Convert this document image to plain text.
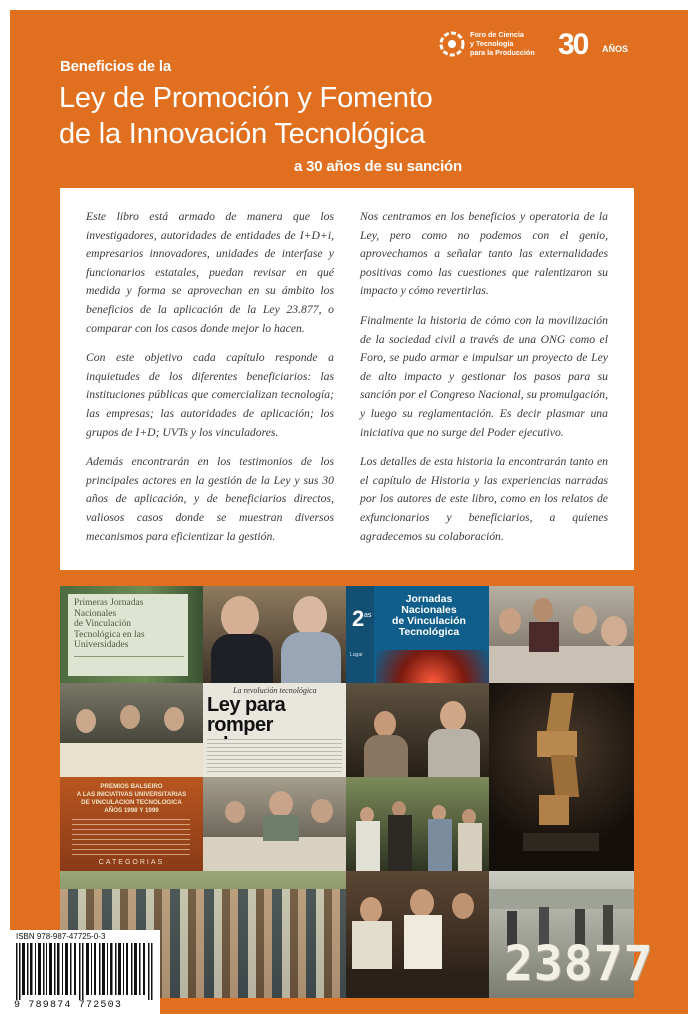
Foro de Ciencia
y Tecnología
para la Producción 30 AÑOS
Beneficios de la
Ley de Promoción y Fomento
de la Innovación Tecnológica
a 30 años de su sanción

Este libro está armado de manera que los investigadores, autoridades de entidades de I+D+i, empresarios innovadores, unidades de interfase y funcionarios estatales, puedan revisar en qué medida y forma se aprovechan en su ámbito los beneficios de la aplicación de la Ley 23.877, o comparar con los casos donde mejor lo hacen.

Con este objetivo cada capítulo responde a inquietudes de los diferentes beneficiarios: las instituciones públicas que comercializan tecnología; las empresas; las autoridades de aplicación; los grupos de I+D; UVTs y los vinculadores.

Además encontrarán en los testimonios de los principales actores en la gestión de la Ley y sus 30 años de aplicación, y de beneficiarios directos, valiosos casos donde se muestran diversos mecanismos para eficientizar la gestión.

Nos centramos en los beneficios y operatoria de la Ley, pero como no podemos con el genio, aprovechamos a señalar tanto las externalidades positivas como las cuestiones que ralentizaron su impacto y cómo revertirlas.

Finalmente la historia de cómo con la movilización de la sociedad civil a través de una ONG como el Foro, se pudo armar e impulsar un proyecto de Ley de alto impacto y gestionar los pasos para su sanción por el Congreso Nacional, su promulgación, y luego su reglamentación. Es decir plasmar una iniciativa que no surge del Poder ejecutivo.

Los detalles de esta historia la encontrarán tanto en el capítulo de Historia y las experiencias narradas por los autores de este libro, como en los relatos de exfuncionarios y beneficiarios, a quienes agradecemos su colaboración.

Primeras Jornadas
Nacionales
de Vinculación
Tecnológica en las
Universidades
2 as
Jornadas
Nacionales
de Vinculación
Tecnológica
Lugar
La revolución tecnológica
Ley para romper
PREMIOS BALSEIRO
A LAS INICIATIVAS UNIVERSITARIAS
DE VINCULACION TECNOLOGICA
AÑOS 1998 Y 1999
CATEGORIAS
ISBN 978-987-47725-0-3
9 789874 772503
23877
